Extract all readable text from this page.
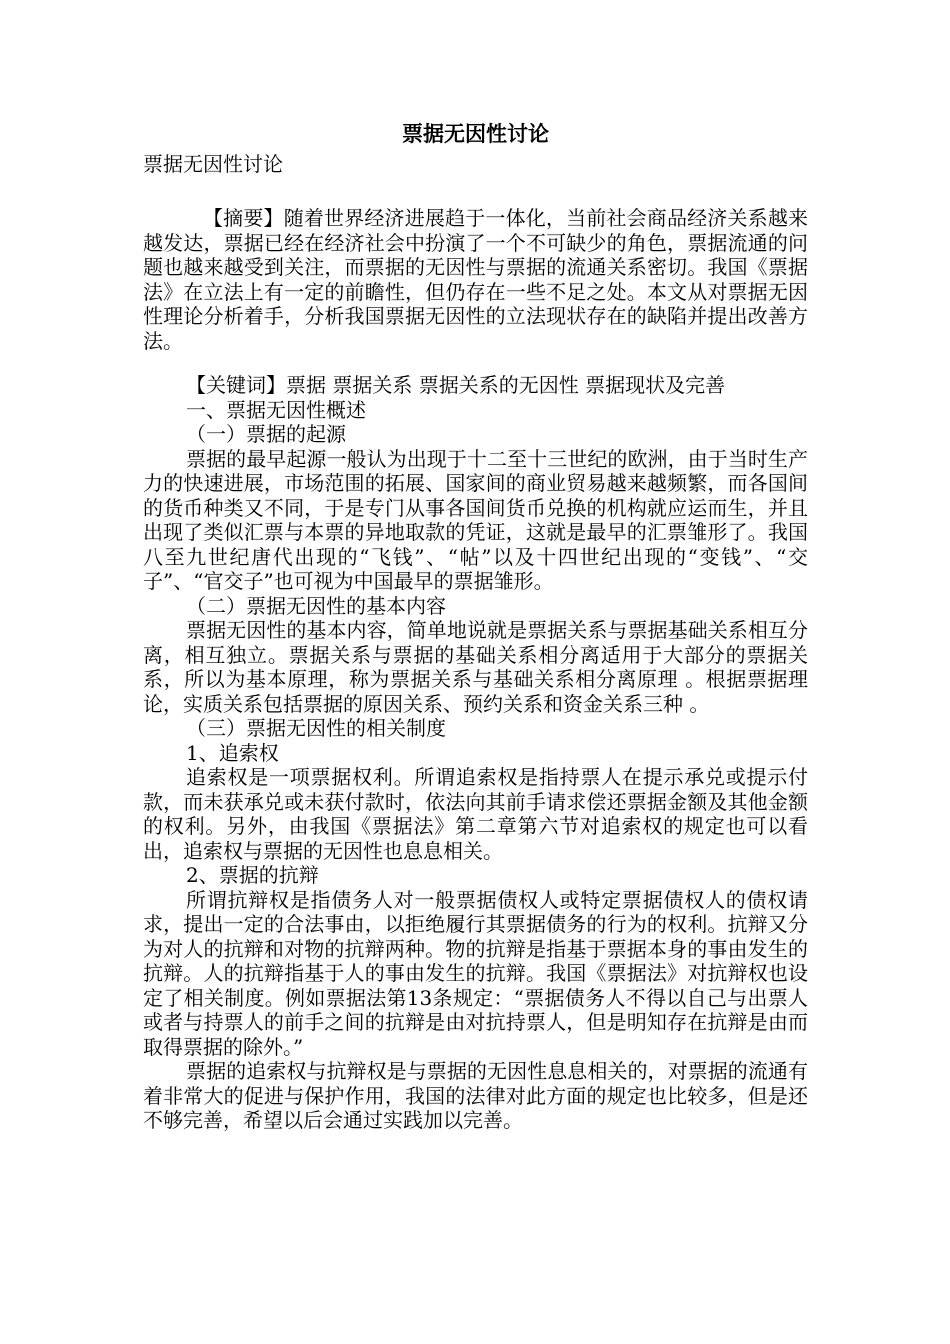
票据无因性讨论

票据无因性讨论

【摘要】随着世界经济进展趋于一体化，当前社会商品经济关系越来越发达，票据已经在经济社会中扮演了一个不可缺少的角色，票据流通的问题也越来越受到关注，而票据的无因性与票据的流通关系密切。我国《票据法》在立法上有一定的前瞻性，但仍存在一些不足之处。本文从对票据无因性理论分析着手，分析我国票据无因性的立法现状存在的缺陷并提出改善方法。

【关键词】票据 票据关系 票据关系的无因性 票据现状及完善

一、票据无因性概述

（一）票据的起源

票据的最早起源一般认为出现于十二至十三世纪的欧洲，由于当时生产力的快速进展，市场范围的拓展、国家间的商业贸易越来越频繁，而各国间的货币种类又不同，于是专门从事各国间货币兑换的机构就应运而生，并且出现了类似汇票与本票的异地取款的凭证，这就是最早的汇票雏形了。我国八至九世纪唐代出现的“飞钱”、“帖”以及十四世纪出现的“变钱”、“交子”、“官交子”也可视为中国最早的票据雏形。

（二）票据无因性的基本内容

票据无因性的基本内容，简单地说就是票据关系与票据基础关系相互分离，相互独立。票据关系与票据的基础关系相分离适用于大部分的票据关系，所以为基本原理，称为票据关系与基础关系相分离原理 。根据票据理论，实质关系包括票据的原因关系、预约关系和资金关系三种 。

（三）票据无因性的相关制度

1、追索权

追索权是一项票据权利。所谓追索权是指持票人在提示承兑或提示付款，而未获承兑或未获付款时，依法向其前手请求偿还票据金额及其他金额的权利。另外，由我国《票据法》第二章第六节对追索权的规定也可以看出，追索权与票据的无因性也息息相关。

2、票据的抗辩

所谓抗辩权是指债务人对一般票据债权人或特定票据债权人的债权请求，提出一定的合法事由，以拒绝履行其票据债务的行为的权利。抗辩又分为对人的抗辩和对物的抗辩两种。物的抗辩是指基于票据本身的事由发生的抗辩。人的抗辩指基于人的事由发生的抗辩。我国《票据法》对抗辩权也设定了相关制度。例如票据法第13条规定：“票据债务人不得以自己与出票人或者与持票人的前手之间的抗辩是由对抗持票人，但是明知存在抗辩是由而取得票据的除外。”

票据的追索权与抗辩权是与票据的无因性息息相关的，对票据的流通有着非常大的促进与保护作用，我国的法律对此方面的规定也比较多，但是还不够完善，希望以后会通过实践加以完善。
